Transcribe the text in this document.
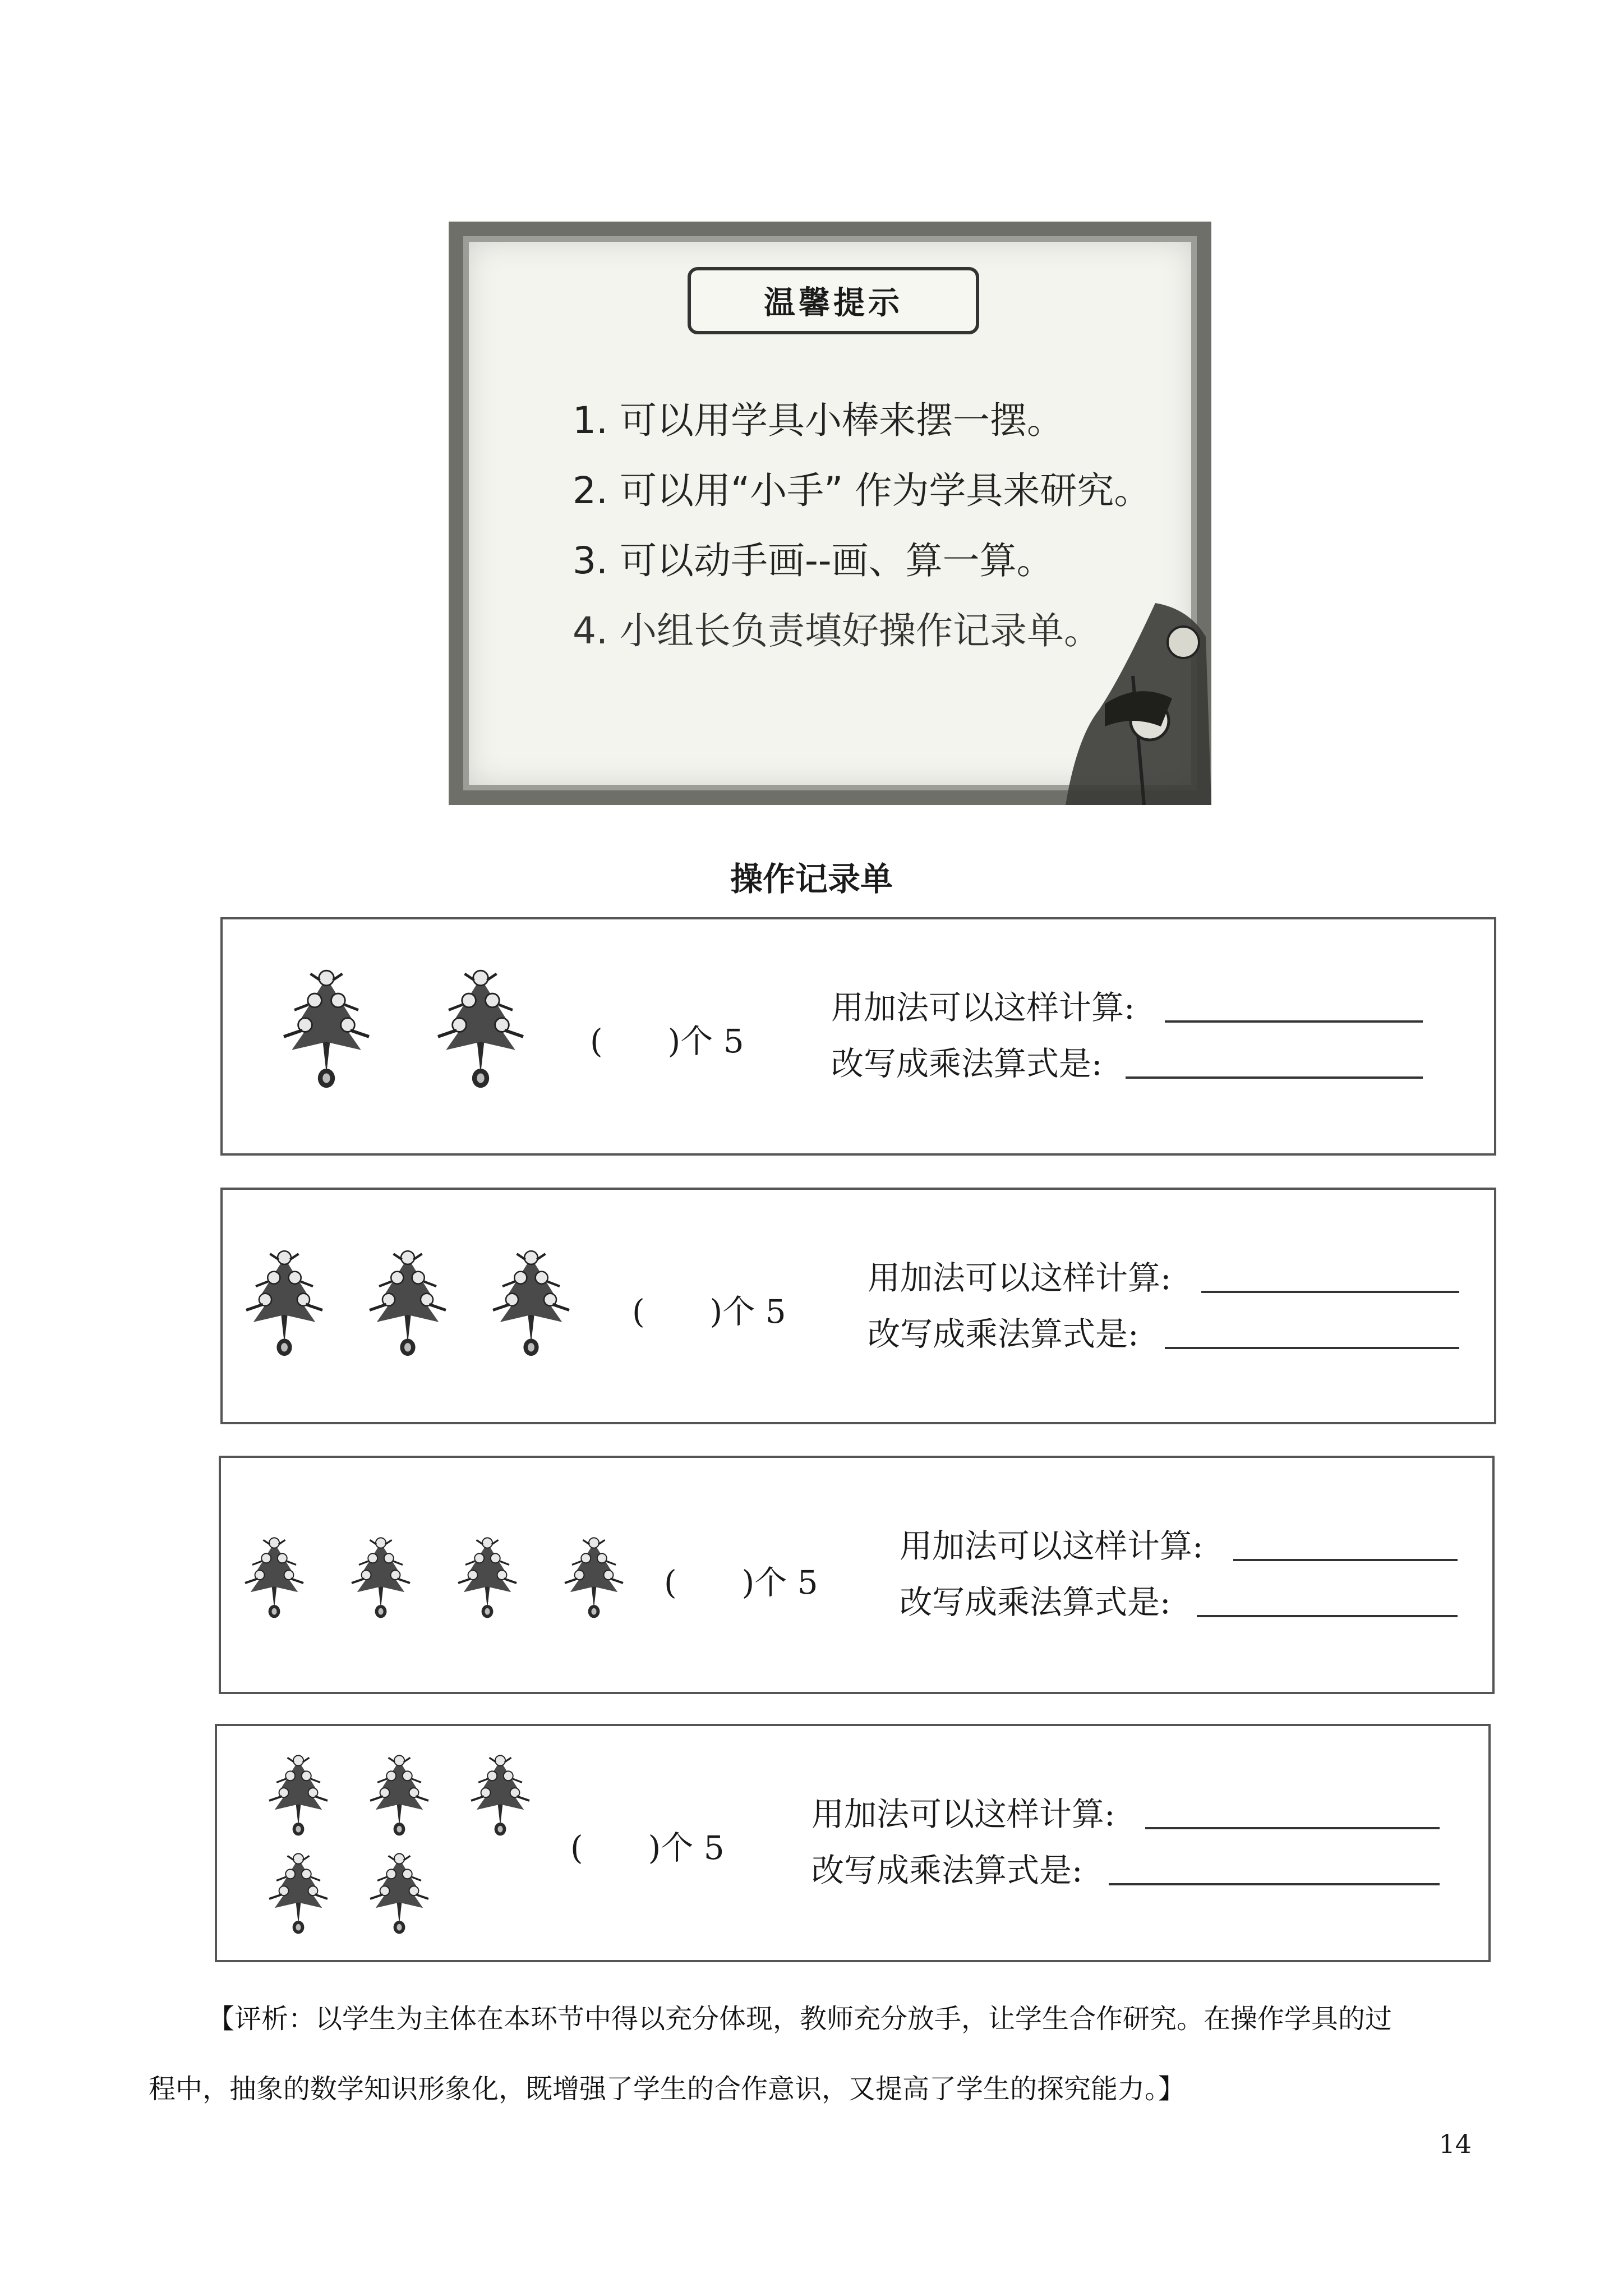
温馨提示
1. 可以用学具小棒来摆一摆。
2. 可以用“小手” 作为学具来研究。
3. 可以动手画--画、算一算。
4. 小组长负责填好操作记录单。
操作记录单
(　　)个 5
用加法可以这样计算:
改写成乘法算式是:
(　　)个 5
用加法可以这样计算:
改写成乘法算式是:
(　　)个 5
用加法可以这样计算:
改写成乘法算式是:
(　　)个 5
用加法可以这样计算:
改写成乘法算式是:
【评析：以学生为主体在本环节中得以充分体现，教师充分放手，让学生合作研究。在操作学具的过
程中，抽象的数学知识形象化，既增强了学生的合作意识，又提高了学生的探究能力。】
14
